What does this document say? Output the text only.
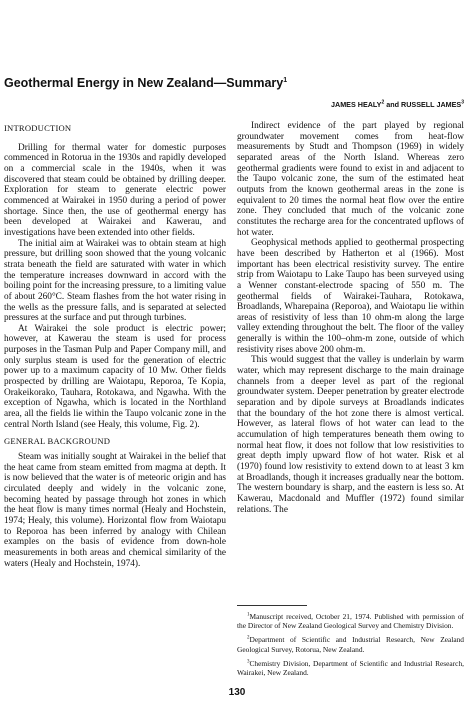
Geothermal Energy in New Zealand—Summary$^1$
JAMES HEALY$^2$ and RUSSELL JAMES$^3$
INTRODUCTION

Drilling for thermal water for domestic purposes commenced in Rotorua in the 1930s and rapidly developed on a commercial scale in the 1940s, when it was discovered that steam could be obtained by drilling deeper. Exploration for steam to generate electric power commenced at Wairakei in 1950 during a period of power shortage. Since then, the use of geothermal energy has been developed at Wairakei and Kawerau, and investigations have been extended into other fields.

The initial aim at Wairakei was to obtain steam at high pressure, but drilling soon showed that the young volcanic strata beneath the field are saturated with water in which the temperature increases downward in accord with the boiling point for the increasing pressure, to a limiting value of about 260°C. Steam flashes from the hot water rising in the wells as the pressure falls, and is separated at selected pressures at the surface and put through turbines.

At Wairakei the sole product is electric power; however, at Kawerau the steam is used for process purposes in the Tasman Pulp and Paper Company mill, and only surplus steam is used for the generation of electric power up to a maximum capacity of 10 Mw. Other fields prospected by drilling are Waiotapu, Reporoa, Te Kopia, Orakeikorako, Tauhara, Rotokawa, and Ngawha. With the exception of Ngawha, which is located in the Northland area, all the fields lie within the Taupo volcanic zone in the central North Island (see Healy, this volume, Fig. 2).

GENERAL BACKGROUND

Steam was initially sought at Wairakei in the belief that the heat came from steam emitted from magma at depth. It is now believed that the water is of meteoric origin and has circulated deeply and widely in the volcanic zone, becoming heated by passage through hot zones in which the heat flow is many times normal (Healy and Hochstein, 1974; Healy, this volume). Horizontal flow from Waiotapu to Reporoa has been inferred by analogy with Chilean examples on the basis of evidence from down-hole measurements in both areas and chemical similarity of the waters (Healy and Hochstein, 1974).

Indirect evidence of the part played by regional groundwater movement comes from heat-flow measurements by Studt and Thompson (1969) in widely separated areas of the North Island. Whereas zero geothermal gradients were found to exist in and adjacent to the Taupo volcanic zone, the sum of the estimated heat outputs from the known geothermal areas in the zone is equivalent to 20 times the normal heat flow over the entire zone. They concluded that much of the volcanic zone constitutes the recharge area for the concentrated upflows of hot water.

Geophysical methods applied to geothermal prospecting have been described by Hatherton et al (1966). Most important has been electrical resistivity survey. The entire strip from Waiotapu to Lake Taupo has been surveyed using a Wenner constant-electrode spacing of 550 m. The geothermal fields of Wairakei-Tauhara, Rotokawa, Broadlands, Wharepaina (Reporoa), and Waiotapu lie within areas of resistivity of less than 10 ohm-m along the large valley extending throughout the belt. The floor of the valley generally is within the 100–ohm-m zone, outside of which resistivity rises above 200 ohm-m.

This would suggest that the valley is underlain by warm water, which may represent discharge to the main drainage channels from a deeper level as part of the regional groundwater system. Deeper penetration by greater electrode separation and by dipole surveys at Broadlands indicates that the boundary of the hot zone there is almost vertical. However, as lateral flows of hot water can lead to the accumulation of high temperatures beneath them owing to normal heat flow, it does not follow that low resistivities to great depth imply upward flow of hot water. Risk et al (1970) found low resistivity to extend down to at least 3 km at Broadlands, though it increases gradually near the bottom. The western boundary is sharp, and the eastern is less so. At Kawerau, Macdonald and Muffler (1972) found similar relations. The

$^1$Manuscript received, October 21, 1974. Published with permission of the Director of New Zealand Geological Survey and Chemistry Division.

$^2$Department of Scientific and Industrial Research, New Zealand Geological Survey, Rotorua, New Zealand.

$^3$Chemistry Division, Department of Scientific and Industrial Research, Wairakei, New Zealand.

130
